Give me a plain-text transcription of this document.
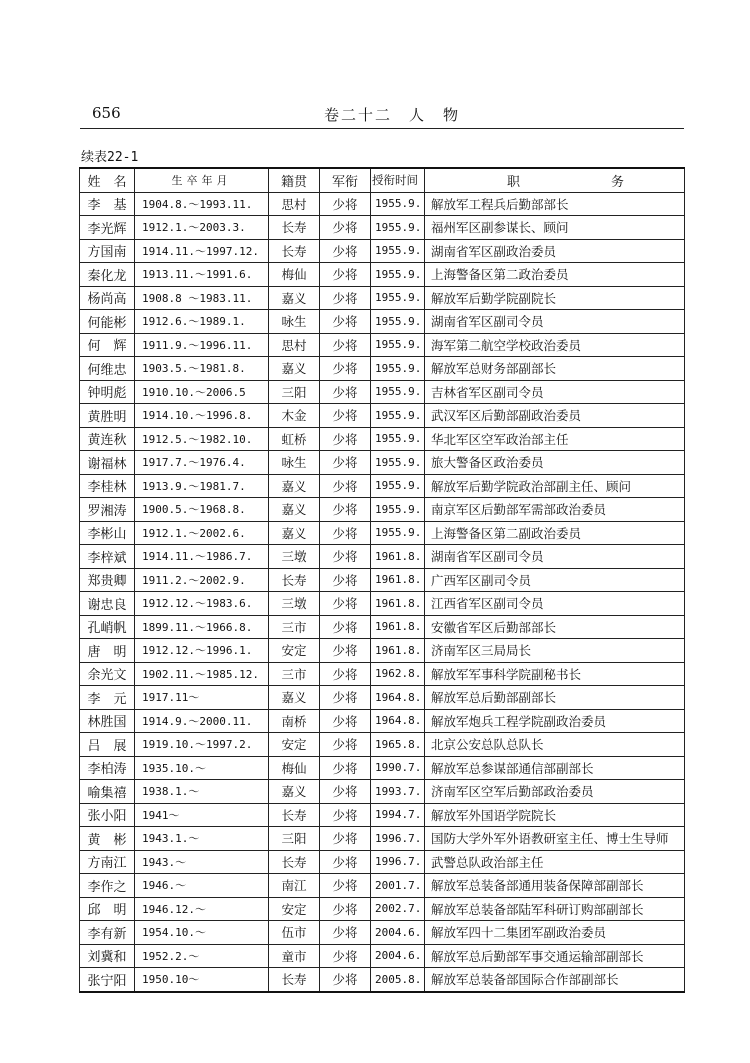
656	卷二十二　人　物
续表22-1
姓　名	生卒年月	籍贯	军衔	授衔时间	职 务

李　基	1904.8.～1993.11.	思村	少将	1955.9.	解放军工程兵后勤部部长
李光辉	1912.1.～2003.3.	长寿	少将	1955.9.	福州军区副参谋长、顾问
方国南	1914.11.～1997.12.	长寿	少将	1955.9.	湖南省军区副政治委员
秦化龙	1913.11.～1991.6.	梅仙	少将	1955.9.	上海警备区第二政治委员
杨尚高	1908.8 ～1983.11.	嘉义	少将	1955.9.	解放军后勤学院副院长
何能彬	1912.6.～1989.1.	咏生	少将	1955.9.	湖南省军区副司令员
何　辉	1911.9.～1996.11.	思村	少将	1955.9.	海军第二航空学校政治委员
何维忠	1903.5.～1981.8.	嘉义	少将	1955.9.	解放军总财务部副部长
钟明彪	1910.10.～2006.5	三阳	少将	1955.9.	吉林省军区副司令员
黄胜明	1914.10.～1996.8.	木金	少将	1955.9.	武汉军区后勤部副政治委员
黄连秋	1912.5.～1982.10.	虹桥	少将	1955.9.	华北军区空军政治部主任
谢福林	1917.7.～1976.4.	咏生	少将	1955.9.	旅大警备区政治委员
李桂林	1913.9.～1981.7.	嘉义	少将	1955.9.	解放军后勤学院政治部副主任、顾问
罗湘涛	1900.5.～1968.8.	嘉义	少将	1955.9.	南京军区后勤部军需部政治委员
李彬山	1912.1.～2002.6.	嘉义	少将	1955.9.	上海警备区第二副政治委员
李梓斌	1914.11.～1986.7.	三墩	少将	1961.8.	湖南省军区副司令员
郑贵卿	1911.2.～2002.9.	长寿	少将	1961.8.	广西军区副司令员
谢忠良	1912.12.～1983.6.	三墩	少将	1961.8.	江西省军区副司令员
孔峭帆	1899.11.～1966.8.	三市	少将	1961.8.	安徽省军区后勤部部长
唐　明	1912.12.～1996.1.	安定	少将	1961.8.	济南军区三局局长
余光文	1902.11.～1985.12.	三市	少将	1962.8.	解放军军事科学院副秘书长
李　元	1917.11～	嘉义	少将	1964.8.	解放军总后勤部副部长
林胜国	1914.9.～2000.11.	南桥	少将	1964.8.	解放军炮兵工程学院副政治委员
吕　展	1919.10.～1997.2.	安定	少将	1965.8.	北京公安总队总队长
李柏涛	1935.10.～	梅仙	少将	1990.7.	解放军总参谋部通信部副部长
喻集禧	1938.1.～	嘉义	少将	1993.7.	济南军区空军后勤部政治委员
张小阳	1941～	长寿	少将	1994.7.	解放军外国语学院院长
黄　彬	1943.1.～	三阳	少将	1996.7.	国防大学外军外语教研室主任、博士生导师
方南江	1943.～	长寿	少将	1996.7.	武警总队政治部主任
李作之	1946.～	南江	少将	2001.7.	解放军总装备部通用装备保障部副部长
邱　明	1946.12.～	安定	少将	2002.7.	解放军总装备部陆军科研订购部副部长
李有新	1954.10.～	伍市	少将	2004.6.	解放军四十二集团军副政治委员
刘冀和	1952.2.～	童市	少将	2004.6.	解放军总后勤部军事交通运输部副部长
张宁阳	1950.10～	长寿	少将	2005.8.	解放军总装备部国际合作部副部长
